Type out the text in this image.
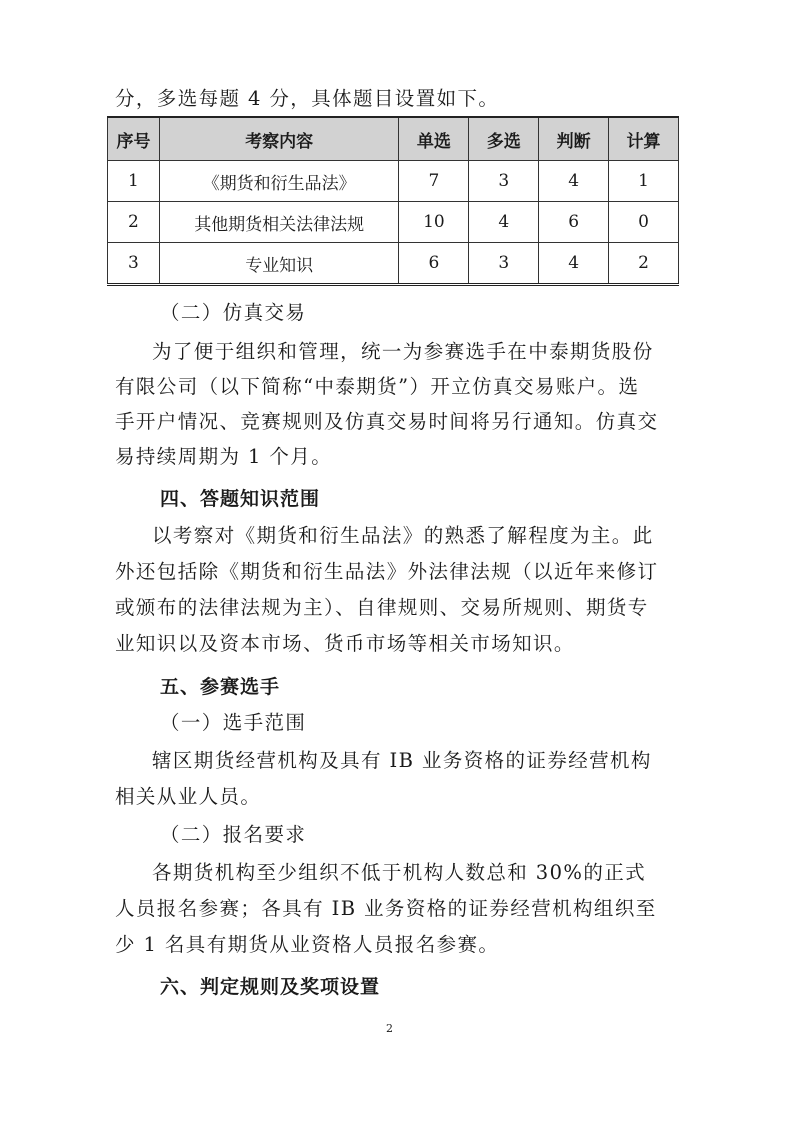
分，多选每题 4 分，具体题目设置如下。
序号	考察内容	单选	多选	判断	计算
1	《期货和衍生品法》	7	3	4	1
2	其他期货相关法律法规	10	4	6	0
3	专业知识	6	3	4	2
（二）仿真交易
为了便于组织和管理，统一为参赛选手在中泰期货股份
有限公司（以下简称“中泰期货”）开立仿真交易账户。选
手开户情况、竞赛规则及仿真交易时间将另行通知。仿真交
易持续周期为 1 个月。
四、答题知识范围
以考察对《期货和衍生品法》的熟悉了解程度为主。此
外还包括除《期货和衍生品法》外法律法规（以近年来修订
或颁布的法律法规为主）、自律规则、交易所规则、期货专
业知识以及资本市场、货币市场等相关市场知识。
五、参赛选手
（一）选手范围
辖区期货经营机构及具有 IB 业务资格的证券经营机构
相关从业人员。
（二）报名要求
各期货机构至少组织不低于机构人数总和 30%的正式
人员报名参赛；各具有 IB 业务资格的证券经营机构组织至
少 1 名具有期货从业资格人员报名参赛。
六、判定规则及奖项设置
2
